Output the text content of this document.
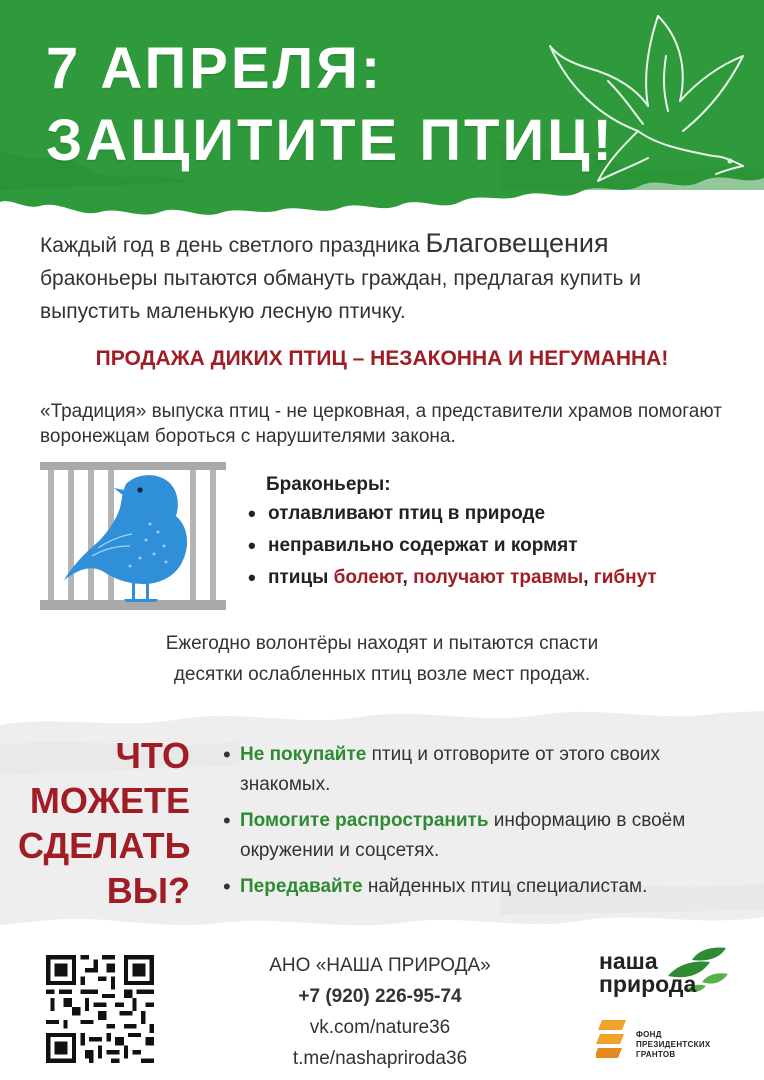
7 АПРЕЛЯ:
ЗАЩИТИТЕ ПТИЦ!
Каждый год в день светлого праздника Благовещения браконьеры пытаются обмануть граждан, предлагая купить и выпустить маленькую лесную птичку.
ПРОДАЖА ДИКИХ ПТИЦ – НЕЗАКОННА И НЕГУМАННА!
«Традиция» выпуска птиц - не церковная, а представители храмов помогают воронежцам бороться с нарушителями закона.
Браконьеры:
• отлавливают птиц в природе
• неправильно содержат и кормят
• птицы болеют, получают травмы, гибнут
Ежегодно волонтёры находят и пытаются спасти
десятки ослабленных птиц возле мест продаж.
ЧТО
МОЖЕТЕ
СДЕЛАТЬ
ВЫ?
• Не покупайте птиц и отговорите от этого своих знакомых.
• Помогите распространить информацию в своём окружении и соцсетях.
• Передавайте найденных птиц специалистам.
АНО «НАША ПРИРОДА»
+7 (920) 226-95-74
vk.com/nature36
t.me/nashapriroda36
наша
природа
ФОНД
ПРЕЗИДЕНТСКИХ
ГРАНТОВ
